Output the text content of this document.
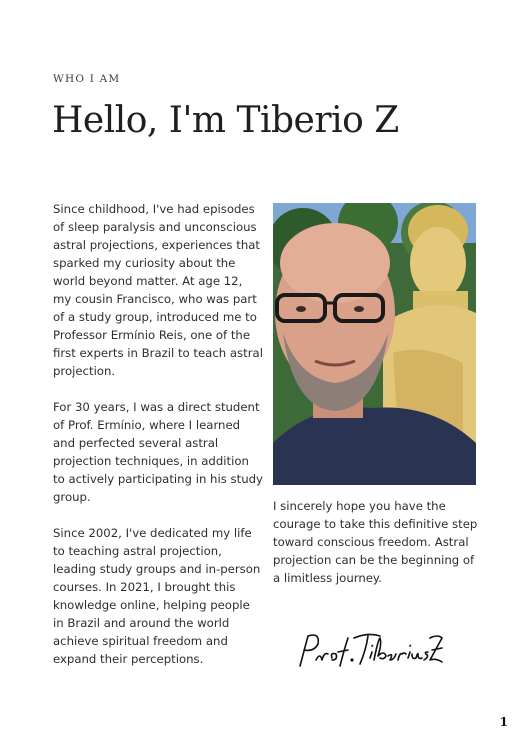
WHO I AM
Hello, I'm Tiberio Z

Since childhood, I've had episodes of sleep paralysis and unconscious astral projections, experiences that sparked my curiosity about the world beyond matter. At age 12, my cousin Francisco, who was part of a study group, introduced me to Professor Ermínio Reis, one of the first experts in Brazil to teach astral projection.

For 30 years, I was a direct student of Prof. Ermínio, where I learned and perfected several astral projection techniques, in addition to actively participating in his study group.

Since 2002, I've dedicated my life to teaching astral projection, leading study groups and in-person courses. In 2021, I brought this knowledge online, helping people in Brazil and around the world achieve spiritual freedom and expand their perceptions.

I sincerely hope you have the courage to take this definitive step toward conscious freedom. Astral projection can be the beginning of a limitless journey.

1
